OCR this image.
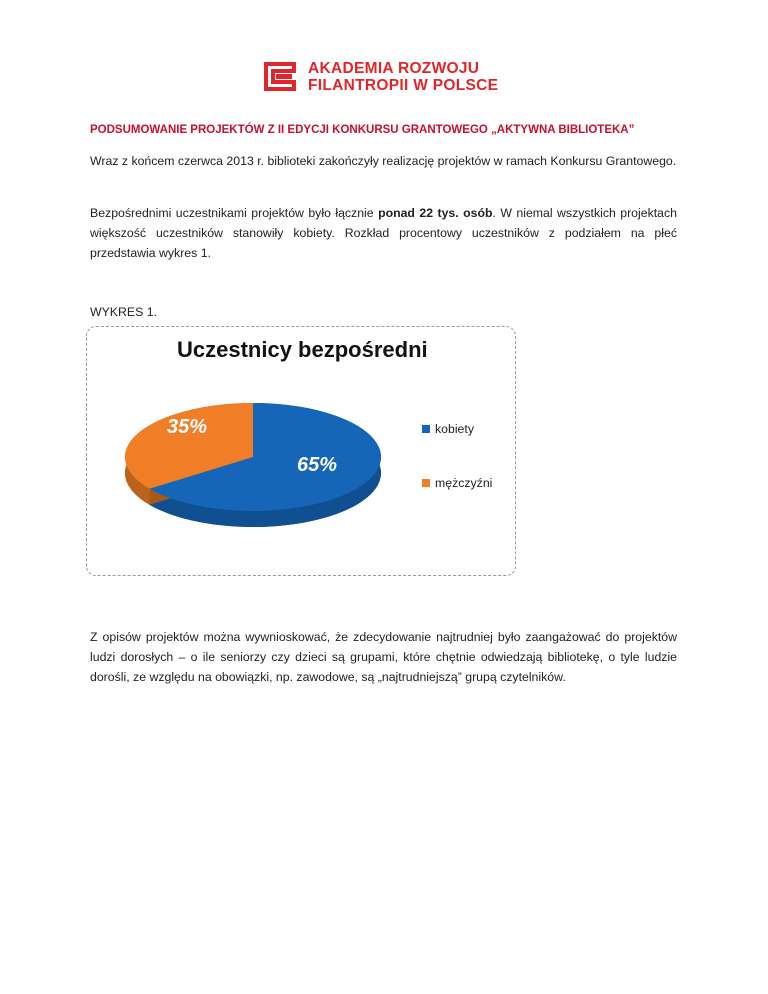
AKADEMIA ROZWOJU
FILANTROPII W POLSCE
PODSUMOWANIE PROJEKTÓW Z II EDYCJI KONKURSU GRANTOWEGO „AKTYWNA BIBLIOTEKA”
Wraz z końcem czerwca 2013 r. biblioteki zakończyły realizację projektów w ramach Konkursu Grantowego.
Bezpośrednimi uczestnikami projektów było łącznie ponad 22 tys. osób. W niemal wszystkich projektach większość uczestników stanowiły kobiety. Rozkład procentowy uczestników z podziałem na płeć przedstawia wykres 1.
WYKRES 1.
Uczestnicy bezpośredni
65%
35%	kobiety
mężczyźni
Z opisów projektów można wywnioskować, że zdecydowanie najtrudniej było zaangażować do projektów ludzi dorosłych – o ile seniorzy czy dzieci są grupami, które chętnie odwiedzają bibliotekę, o tyle ludzie dorośli, ze względu na obowiązki, np. zawodowe, są „najtrudniejszą” grupą czytelników.
